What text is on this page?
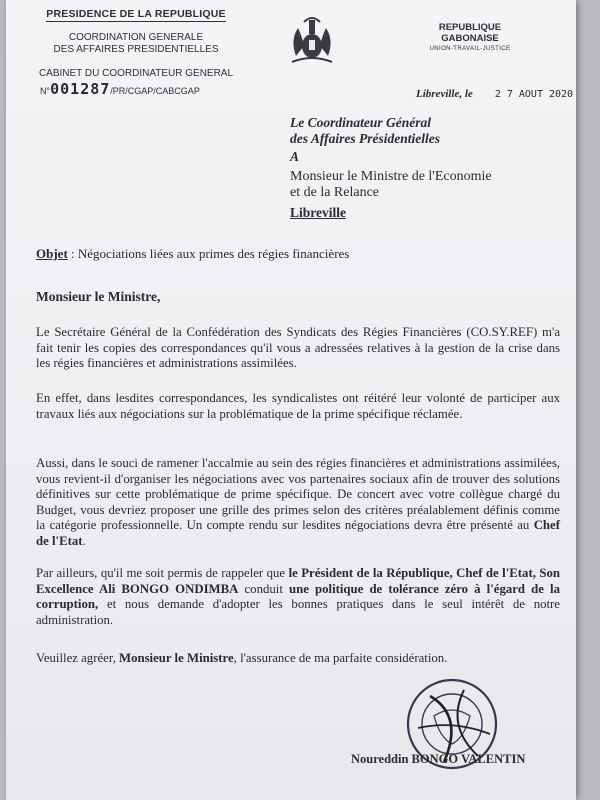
PRESIDENCE DE LA REPUBLIQUE
COORDINATION GENERALE
DES AFFAIRES PRESIDENTIELLES
CABINET DU COORDINATEUR GENERAL
N°001287/PR/CGAP/CABCGAP
REPUBLIQUE GABONAISE
UNION-TRAVAIL-JUSTICE
Libreville, le 2 7 AOUT 2020
Le Coordinateur Général
des Affaires Présidentielles
A
Monsieur le Ministre de l'Economie
et de la Relance
Libreville
Objet : Négociations liées aux primes des régies financières
Monsieur le Ministre,

Le Secrétaire Général de la Confédération des Syndicats des Régies Financières (CO.SY.REF) m'a fait tenir les copies des correspondances qu'il vous a adressées relatives à la gestion de la crise dans les régies financières et administrations assimilées.

En effet, dans lesdites correspondances, les syndicalistes ont réitéré leur volonté de participer aux travaux liés aux négociations sur la problématique de la prime spécifique réclamée.

Aussi, dans le souci de ramener l'accalmie au sein des régies financières et administrations assimilées, vous revient-il d'organiser les négociations avec vos partenaires sociaux afin de trouver des solutions définitives sur cette problématique de prime spécifique. De concert avec votre collègue chargé du Budget, vous devriez proposer une grille des primes selon des critères préalablement définis comme la catégorie professionnelle. Un compte rendu sur lesdites négociations devra être présenté au Chef de l'Etat.

Par ailleurs, qu'il me soit permis de rappeler que le Président de la République, Chef de l'Etat, Son Excellence Ali BONGO ONDIMBA conduit une politique de tolérance zéro à l'égard de la corruption, et nous demande d'adopter les bonnes pratiques dans le seul intérêt de notre administration.

Veuillez agréer, Monsieur le Ministre, l'assurance de ma parfaite considération.

Noureddin BONGO VALENTIN
